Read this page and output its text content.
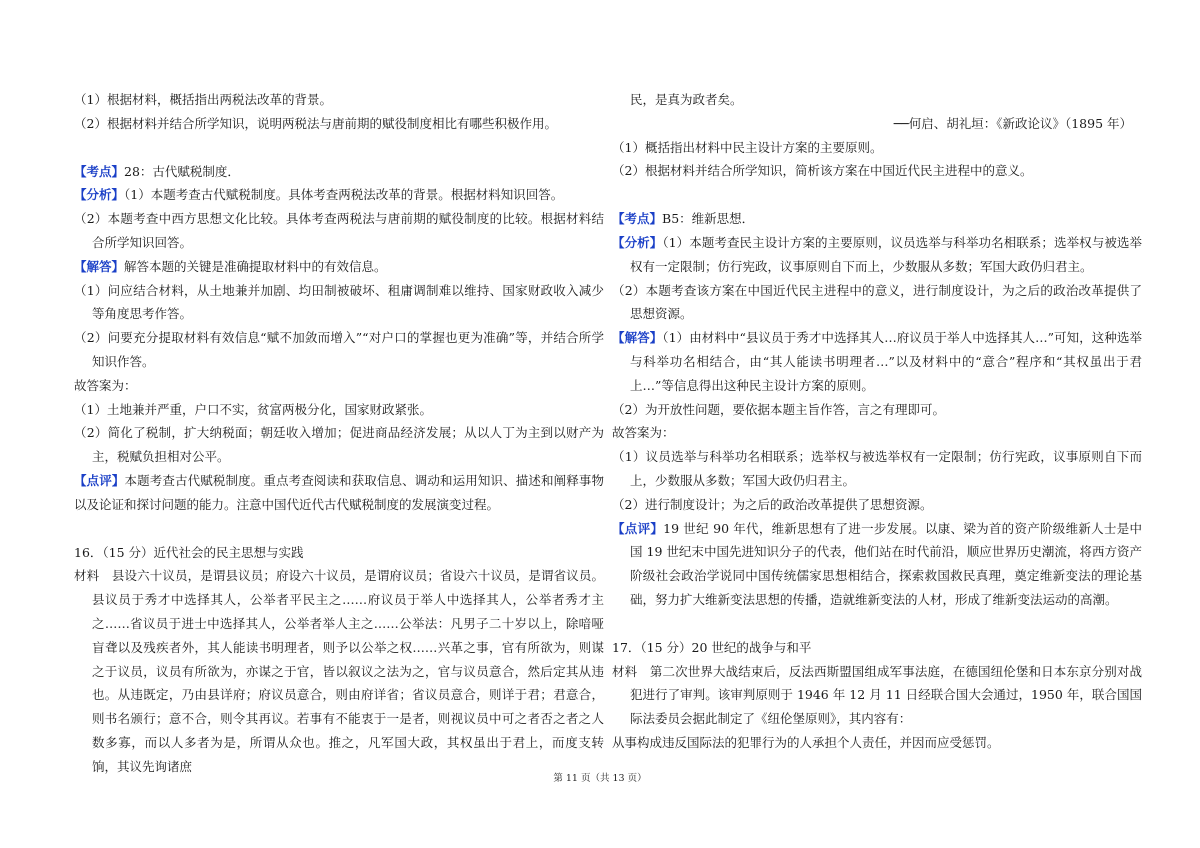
（1）根据材料，概括指出两税法改革的背景。

（2）根据材料并结合所学知识，说明两税法与唐前期的赋役制度相比有哪些积极作用。

【考点】28：古代赋税制度．

【分析】（1）本题考查古代赋税制度。具体考查两税法改革的背景。根据材料知识回答。

（2）本题考查中西方思想文化比较。具体考查两税法与唐前期的赋役制度的比较。根据材料结合所学知识回答。

【解答】解答本题的关键是准确提取材料中的有效信息。

（1）问应结合材料，从土地兼并加剧、均田制被破坏、租庸调制难以维持、国家财政收入减少等角度思考作答。

（2）问要充分提取材料有效信息“赋不加敛而增入”“对户口的掌握也更为准确”等，并结合所学知识作答。

故答案为：

（1）土地兼并严重，户口不实，贫富两极分化，国家财政紧张。

（2）简化了税制，扩大纳税面；朝廷收入增加；促进商品经济发展；从以人丁为主到以财产为主，税赋负担相对公平。

【点评】本题考查古代赋税制度。重点考查阅读和获取信息、调动和运用知识、描述和阐释事物以及论证和探讨问题的能力。注意中国代近代古代赋税制度的发展演变过程。

16．（15 分）近代社会的民主思想与实践

材料　县设六十议员，是谓县议员；府设六十议员，是谓府议员；省设六十议员，是谓省议员。县议员于秀才中选择其人，公举者平民主之……府议员于举人中选择其人，公举者秀才主之……省议员于进士中选择其人，公举者举人主之……公举法：凡男子二十岁以上，除喑哑盲聋以及残疾者外，其人能读书明理者，则予以公举之权……兴革之事，官有所欲为，则谋之于议员，议员有所欲为，亦谋之于官，皆以叙议之法为之，官与议员意合，然后定其从违也。从违既定，乃由县详府；府议员意合，则由府详省；省议员意合，则详于君；君意合，则书名颁行；意不合，则令其再议。若事有不能衷于一是者，则视议员中可之者否之者之人数多寡，而以人多者为是，所谓从众也。推之，凡军国大政，其权虽出于君上，而度支转饷，其议先询诸庶

民，是真为政者矣。

──何启、胡礼垣：《新政论议》（1895 年）

（1）概括指出材料中民主设计方案的主要原则。

（2）根据材料并结合所学知识，简析该方案在中国近代民主进程中的意义。

【考点】B5：维新思想．

【分析】（1）本题考查民主设计方案的主要原则，议员选举与科举功名相联系；选举权与被选举权有一定限制；仿行宪政，议事原则自下而上，少数服从多数；军国大政仍归君主。

（2）本题考查该方案在中国近代民主进程中的意义，进行制度设计，为之后的政治改革提供了思想资源。

【解答】（1）由材料中“县议员于秀才中选择其人…府议员于举人中选择其人…”可知，这种选举与科举功名相结合，由“其人能读书明理者…”以及材料中的“意合”程序和“其权虽出于君上…”等信息得出这种民主设计方案的原则。

（2）为开放性问题，要依据本题主旨作答，言之有理即可。

故答案为：

（1）议员选举与科举功名相联系；选举权与被选举权有一定限制；仿行宪政，议事原则自下而上，少数服从多数；军国大政仍归君主。

（2）进行制度设计；为之后的政治改革提供了思想资源。

【点评】19 世纪 90 年代，维新思想有了进一步发展。以康、梁为首的资产阶级维新人士是中国 19 世纪末中国先进知识分子的代表，他们站在时代前沿，顺应世界历史潮流，将西方资产阶级社会政治学说同中国传统儒家思想相结合，探索救国救民真理，奠定维新变法的理论基础，努力扩大维新变法思想的传播，造就维新变法的人材，形成了维新变法运动的高潮。

17．（15 分）20 世纪的战争与和平

材料　第二次世界大战结束后，反法西斯盟国组成军事法庭，在德国纽伦堡和日本东京分别对战犯进行了审判。该审判原则于 1946 年 12 月 11 日经联合国大会通过，1950 年，联合国国际法委员会据此制定了《纽伦堡原则》，其内容有：

从事构成违反国际法的犯罪行为的人承担个人责任，并因而应受惩罚。

第 11 页（共 13 页）
